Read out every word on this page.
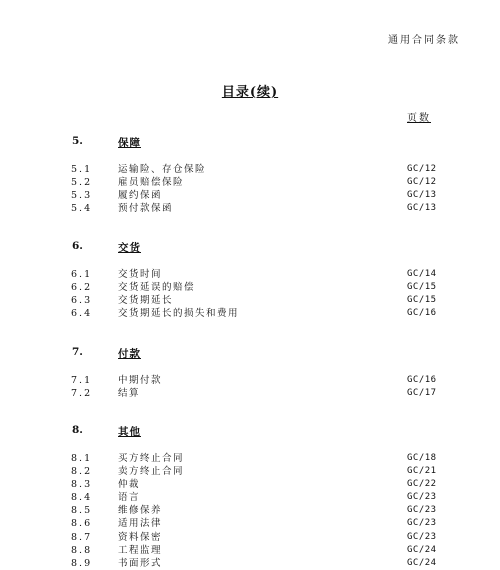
通用合同条款
目录(续)
页数
5.	保障
5.1	运输险、存仓保险	GC/12
5.2	雇员赔偿保险	GC/12
5.3	履约保函	GC/13
5.4	预付款保函	GC/13
6.	交货
6.1	交货时间	GC/14
6.2	交货延误的赔偿	GC/15
6.3	交货期延长	GC/15
6.4	交货期延长的损失和费用	GC/16
7.	付款
7.1	中期付款	GC/16
7.2	结算	GC/17
8.	其他
8.1	买方终止合同	GC/18
8.2	卖方终止合同	GC/21
8.3	仲裁	GC/22
8.4	语言	GC/23
8.5	维修保养	GC/23
8.6	适用法律	GC/23
8.7	资料保密	GC/23
8.8	工程监理	GC/24
8.9	书面形式	GC/24
